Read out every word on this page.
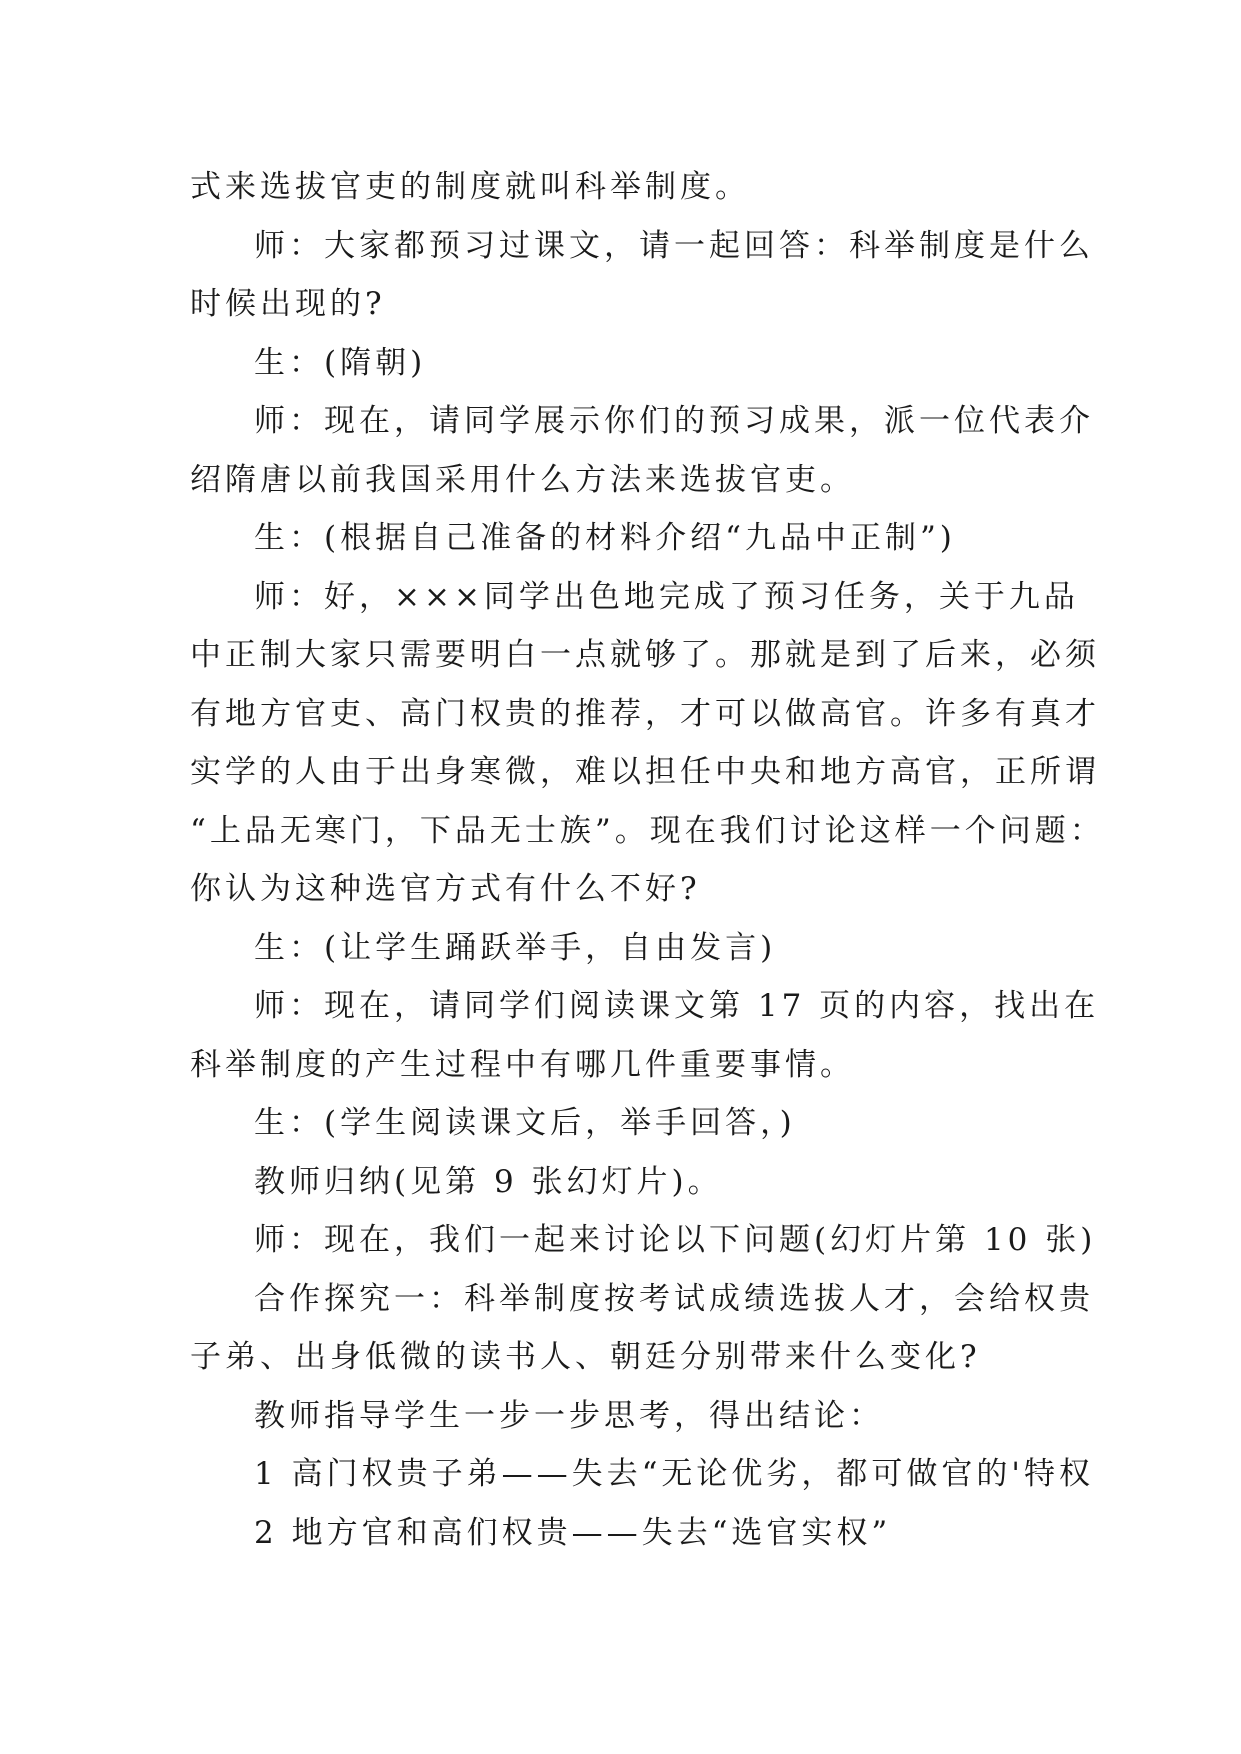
式来选拔官吏的制度就叫科举制度。

师：大家都预习过课文，请一起回答：科举制度是什么
时候出现的?

生：(隋朝)

师：现在，请同学展示你们的预习成果，派一位代表介
绍隋唐以前我国采用什么方法来选拔官吏。

生：(根据自己准备的材料介绍“九品中正制”)

师：好，×××同学出色地完成了预习任务，关于九品
中正制大家只需要明白一点就够了。那就是到了后来，必须
有地方官吏、高门权贵的推荐，才可以做高官。许多有真才
实学的人由于出身寒微，难以担任中央和地方高官，正所谓
“上品无寒门，下品无士族”。现在我们讨论这样一个问题：
你认为这种选官方式有什么不好?

生：(让学生踊跃举手，自由发言)

师：现在，请同学们阅读课文第 17 页的内容，找出在
科举制度的产生过程中有哪几件重要事情。

生：(学生阅读课文后，举手回答，)

教师归纳(见第 9 张幻灯片)。

师：现在，我们一起来讨论以下问题(幻灯片第 10 张)

合作探究一：科举制度按考试成绩选拔人才，会给权贵
子弟、出身低微的读书人、朝廷分别带来什么变化?

教师指导学生一步一步思考，得出结论：

1 高门权贵子弟——失去“无论优劣，都可做官的'特权

2 地方官和高们权贵——失去“选官实权”
